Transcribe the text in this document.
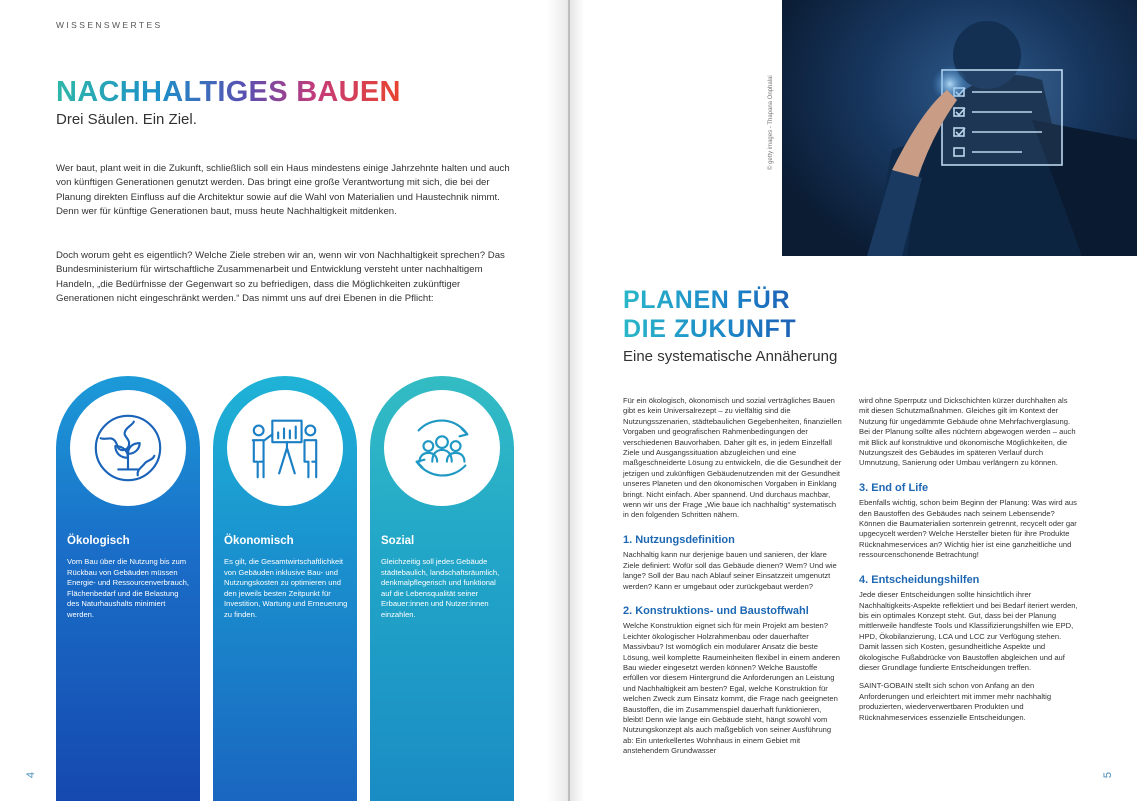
WISSENSWERTES
NACHHALTIGES BAUEN
Drei Säulen. Ein Ziel.

Wer baut, plant weit in die Zukunft, schließlich soll ein Haus mindestens einige Jahrzehnte halten und auch von künftigen Generationen genutzt werden. Das bringt eine große Verantwortung mit sich, die bei der Planung direkten Einfluss auf die Architektur sowie auf die Wahl von Materialien und Haustechnik nimmt. Denn wer für künftige Generationen baut, muss heute Nachhaltigkeit mitdenken.

Doch worum geht es eigentlich? Welche Ziele streben wir an, wenn wir von Nachhaltigkeit sprechen? Das Bundesministerium für wirtschaftliche Zusammenarbeit und Entwicklung versteht unter nachhaltigem Handeln, „die Bedürfnisse der Gegenwart so zu befriedigen, dass die Möglichkeiten zukünftiger Generationen nicht eingeschränkt werden.“ Das nimmt uns auf drei Ebenen in die Pflicht:

Ökologisch

Vom Bau über die Nutzung bis zum Rückbau von Gebäuden müssen Energie- und Ressourcenverbrauch, Flächenbedarf und die Belastung des Naturhaushalts minimiert werden.

Ökonomisch

Es gilt, die Gesamtwirtschaftlichkeit von Gebäuden inklusive Bau- und Nutzungskosten zu optimieren und den jeweils besten Zeitpunkt für Investition, Wartung und Erneuerung zu finden.

Sozial

Gleichzeitig soll jedes Gebäude städtebaulich, landschaftsräumlich, denkmalpflegerisch und funktional auf die Lebensqualität seiner Erbauer:innen und Nutzer:innen einzahlen.

4
© getty images - Thapana Onphalai
PLANEN FÜR
DIE ZUKUNFT
Eine systematische Annäherung

Für ein ökologisch, ökonomisch und sozial verträgliches Bauen gibt es kein Universalrezept – zu vielfältig sind die Nutzungsszenarien, städtebaulichen Gegebenheiten, finanziellen Vorgaben und geografischen Rahmenbedingungen der verschiedenen Bauvorhaben. Daher gilt es, in jedem Einzelfall Ziele und Ausgangssituation abzugleichen und eine maßgeschneiderte Lösung zu entwickeln, die die Gesundheit der jetzigen und zukünftigen Gebäudenutzenden mit der Gesundheit unseres Planeten und den ökonomischen Vorgaben in Einklang bringt. Nicht einfach. Aber spannend. Und durchaus machbar, wenn wir uns der Frage „Wie baue ich nachhaltig“ systematisch in den folgenden Schritten nähern.

1. Nutzungsdefinition

Nachhaltig kann nur derjenige bauen und sanieren, der klare Ziele definiert: Wofür soll das Gebäude dienen? Wem? Und wie lange? Soll der Bau nach Ablauf seiner Einsatzzeit umgenutzt werden? Kann er umgebaut oder zurückgebaut werden?

2. Konstruktions- und Baustoffwahl

Welche Konstruktion eignet sich für mein Projekt am besten? Leichter ökologischer Holzrahmenbau oder dauerhafter Massivbau? Ist womöglich ein modularer Ansatz die beste Lösung, weil komplette Raumeinheiten flexibel in einem anderen Bau wieder eingesetzt werden können? Welche Baustoffe erfüllen vor diesem Hintergrund die Anforderungen an Leistung und Nachhaltigkeit am besten? Egal, welche Konstruktion für welchen Zweck zum Einsatz kommt, die Frage nach geeigneten Baustoffen, die im Zusammenspiel dauerhaft funktionieren, bleibt! Denn wie lange ein Gebäude steht, hängt sowohl vom Nutzungskonzept als auch maßgeblich von seiner Ausführung ab: Ein unterkellertes Wohnhaus in einem Gebiet mit anstehendem Grundwasser

wird ohne Sperrputz und Dickschichten kürzer durchhalten als mit diesen Schutzmaßnahmen. Gleiches gilt im Kontext der Nutzung für ungedämmte Gebäude ohne Mehrfachverglasung. Bei der Planung sollte alles nüchtern abgewogen werden – auch mit Blick auf konstruktive und ökonomische Möglichkeiten, die Nutzungszeit des Gebäudes im späteren Verlauf durch Umnutzung, Sanierung oder Umbau verlängern zu können.

3. End of Life

Ebenfalls wichtig, schon beim Beginn der Planung: Was wird aus den Baustoffen des Gebäudes nach seinem Lebensende? Können die Baumaterialien sortenrein getrennt, recycelt oder gar upgecycelt werden? Welche Hersteller bieten für ihre Produkte Rücknahmeservices an? Wichtig hier ist eine ganzheitliche und ressourcenschonende Betrachtung!

4. Entscheidungshilfen

Jede dieser Entscheidungen sollte hinsichtlich ihrer Nachhaltigkeits-Aspekte reflektiert und bei Bedarf iteriert werden, bis ein optimales Konzept steht. Gut, dass bei der Planung mittlerweile handfeste Tools und Klassifizierungshilfen wie EPD, HPD, Ökobilanzierung, LCA und LCC zur Verfügung stehen. Damit lassen sich Kosten, gesundheitliche Aspekte und ökologische Fußabdrücke von Baustoffen abgleichen und auf dieser Grundlage fundierte Entscheidungen treffen.

SAINT-GOBAIN stellt sich schon von Anfang an den Anforderungen und erleichtert mit immer mehr nachhaltig produzierten, wiederverwertbaren Produkten und Rücknahmeservices essenzielle Entscheidungen.

5
